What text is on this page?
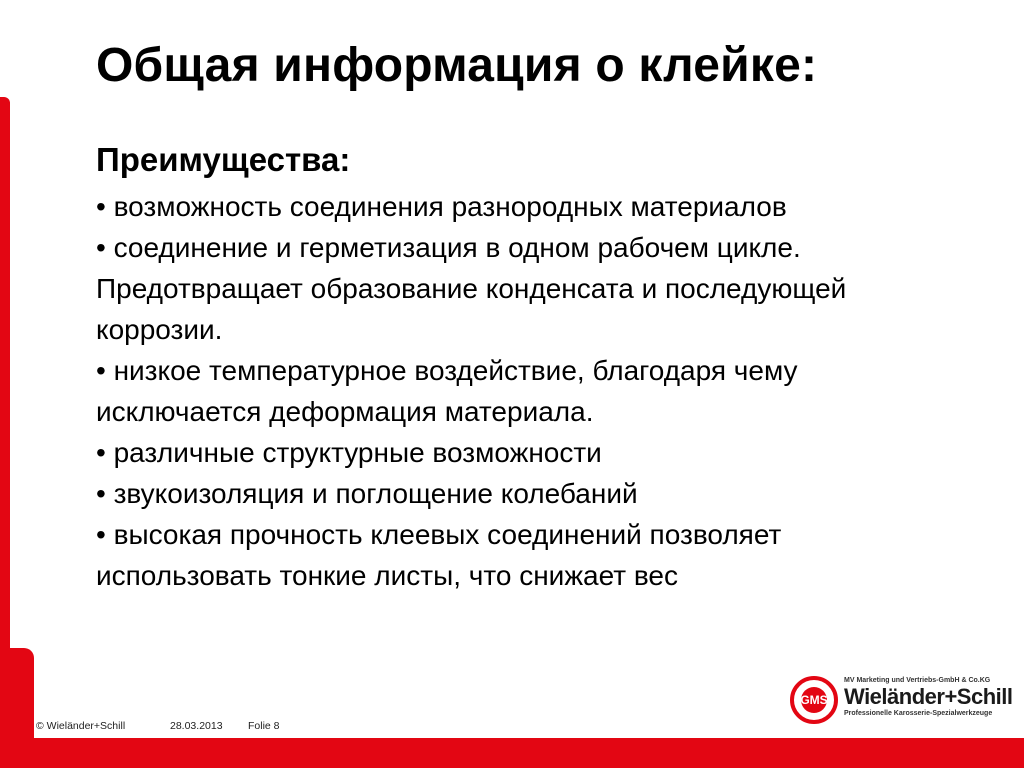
Общая информация о клейке:

Преимущества:

• возможность соединения разнородных материалов

• соединение и герметизация в одном рабочем цикле.

Предотвращает образование конденсата и последующей

коррозии.

• низкое температурное воздействие, благодаря чему

исключается деформация материала.

• различные структурные возможности

• звукоизоляция и поглощение колебаний

• высокая прочность клеевых соединений позволяет

использовать тонкие листы, что снижает вес

© Wieländer+Schill	28.03.2013 Folie 8
GMS
MV Marketing und Vertriebs-GmbH & Co.KG
Wieländer+Schill
Professionelle Karosserie-Spezialwerkzeuge
